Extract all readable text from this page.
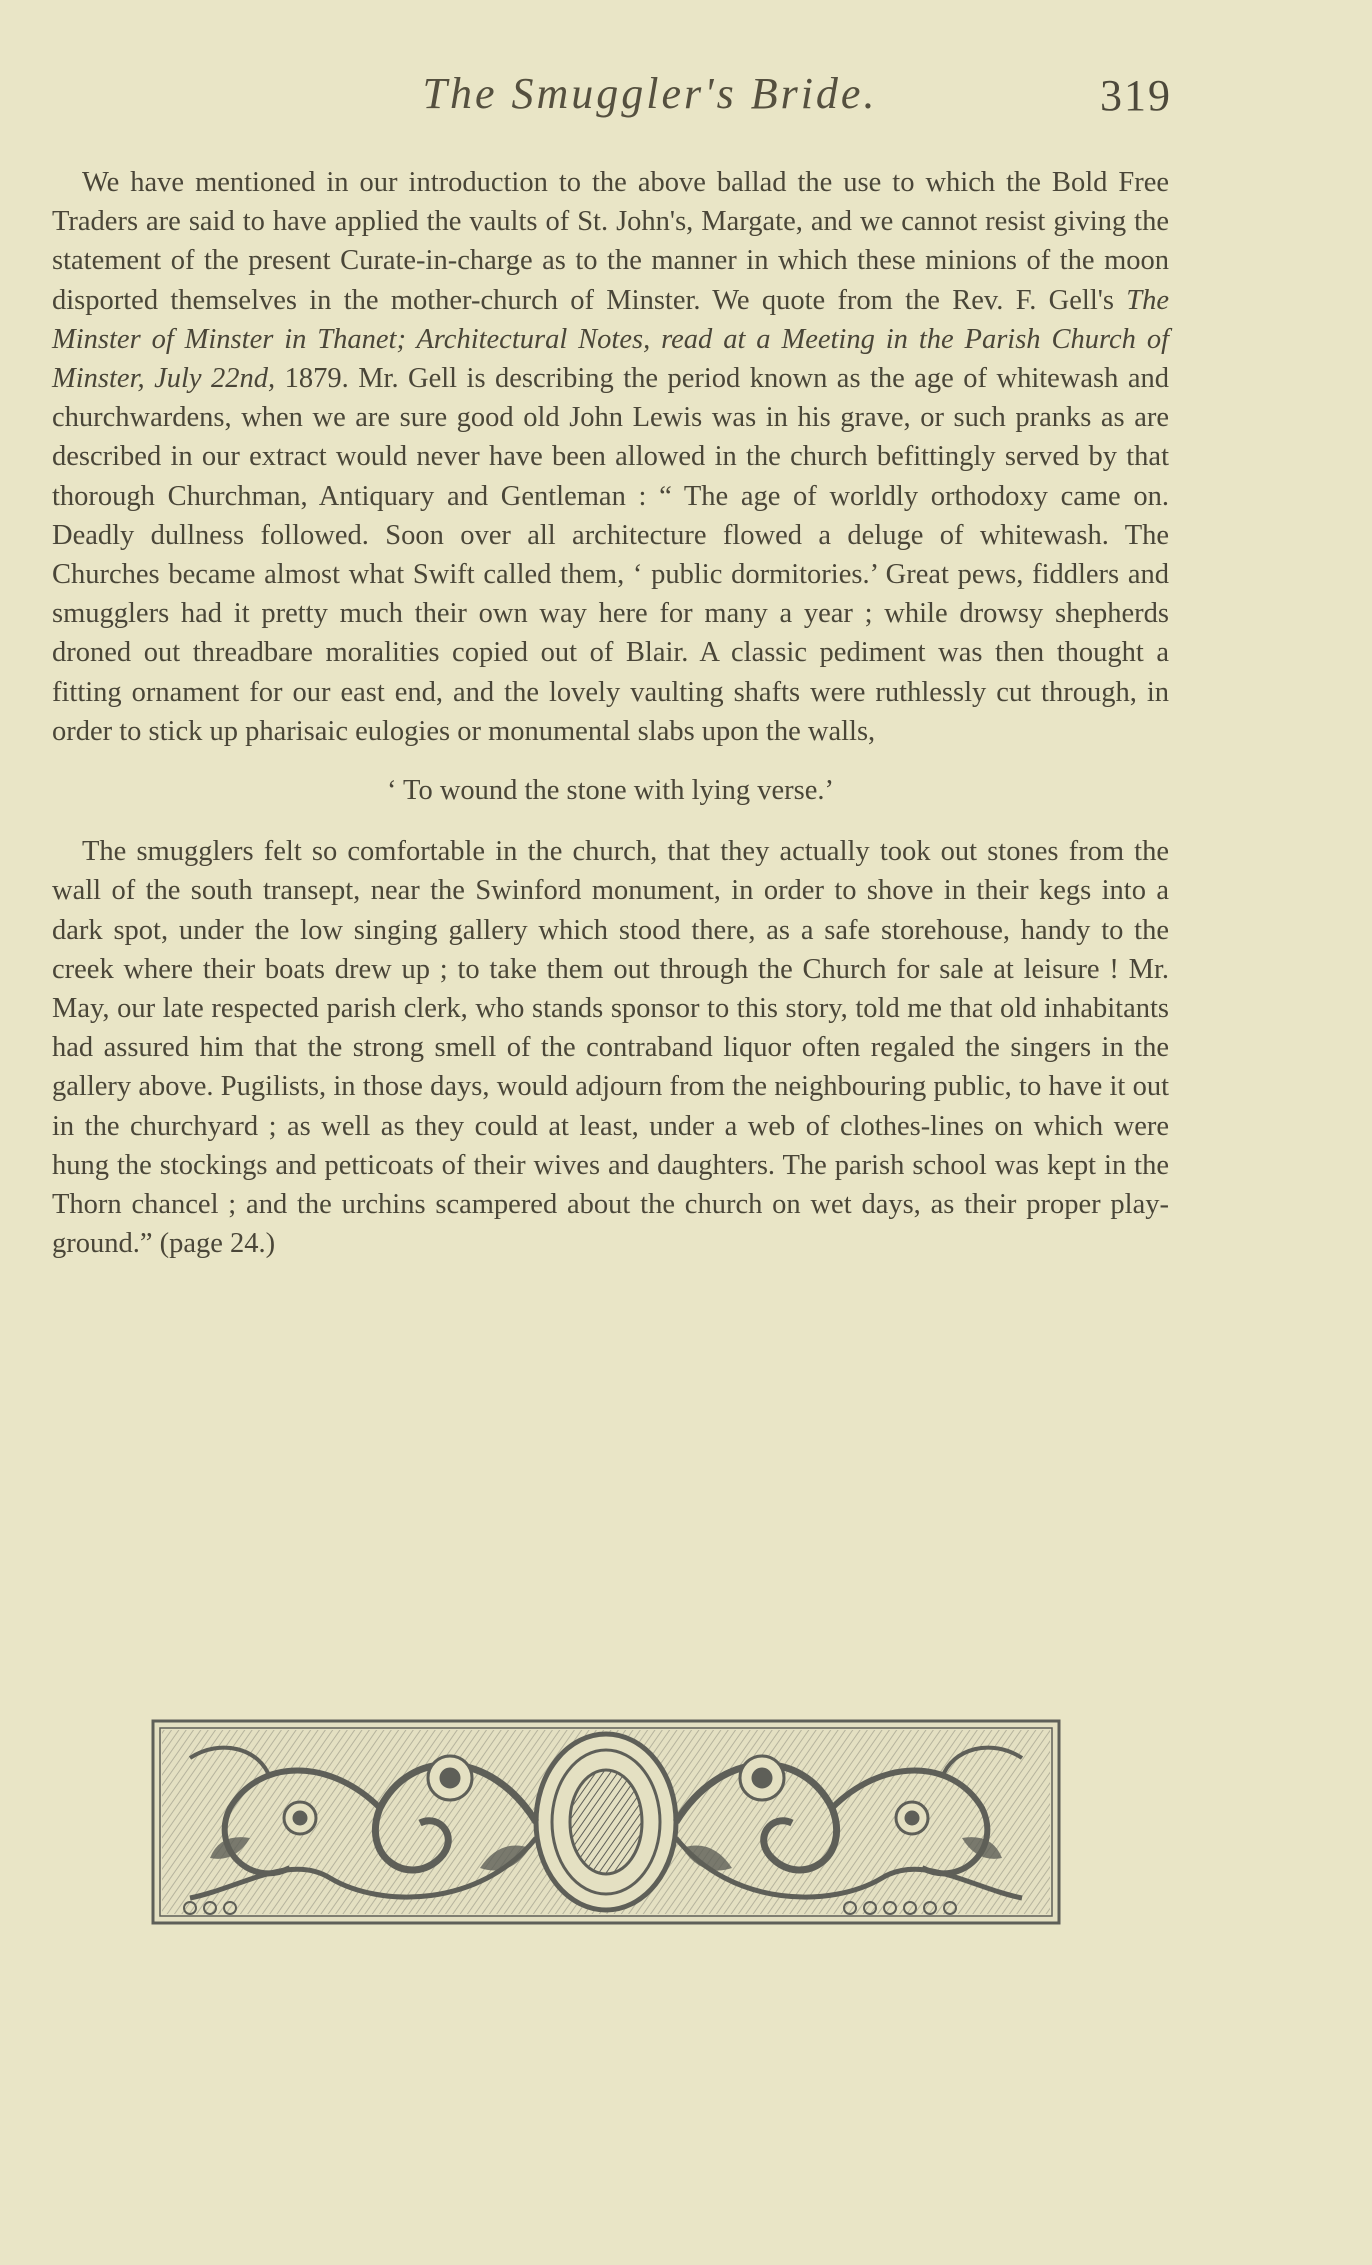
The Smuggler's Bride.	319

We have mentioned in our introduction to the above ballad the use to which the Bold Free Traders are said to have applied the vaults of St. John's, Margate, and we cannot resist giving the statement of the present Curate-in-charge as to the manner in which these minions of the moon disported themselves in the mother-church of Minster. We quote from the Rev. F. Gell's The Minster of Minster in Thanet; Architectural Notes, read at a Meeting in the Parish Church of Minster, July 22nd, 1879. Mr. Gell is describing the period known as the age of whitewash and churchwardens, when we are sure good old John Lewis was in his grave, or such pranks as are described in our extract would never have been allowed in the church befittingly served by that thorough Churchman, Antiquary and Gentleman : “ The age of worldly orthodoxy came on. Deadly dullness followed. Soon over all architecture flowed a deluge of whitewash. The Churches became almost what Swift called them, ‘ public dormitories.’ Great pews, fiddlers and smugglers had it pretty much their own way here for many a year ; while drowsy shepherds droned out threadbare moralities copied out of Blair. A classic pediment was then thought a fitting ornament for our east end, and the lovely vaulting shafts were ruthlessly cut through, in order to stick up pharisaic eulogies or monumental slabs upon the walls,

‘ To wound the stone with lying verse.’

The smugglers felt so comfortable in the church, that they actually took out stones from the wall of the south transept, near the Swinford monument, in order to shove in their kegs into a dark spot, under the low singing gallery which stood there, as a safe storehouse, handy to the creek where their boats drew up ; to take them out through the Church for sale at leisure ! Mr. May, our late respected parish clerk, who stands sponsor to this story, told me that old inhabitants had assured him that the strong smell of the contraband liquor often regaled the singers in the gallery above. Pugilists, in those days, would adjourn from the neighbouring public, to have it out in the churchyard ; as well as they could at least, under a web of clothes-lines on which were hung the stockings and petticoats of their wives and daughters. The parish school was kept in the Thorn chancel ; and the urchins scampered about the church on wet days, as their proper play-ground.” (page 24.)
